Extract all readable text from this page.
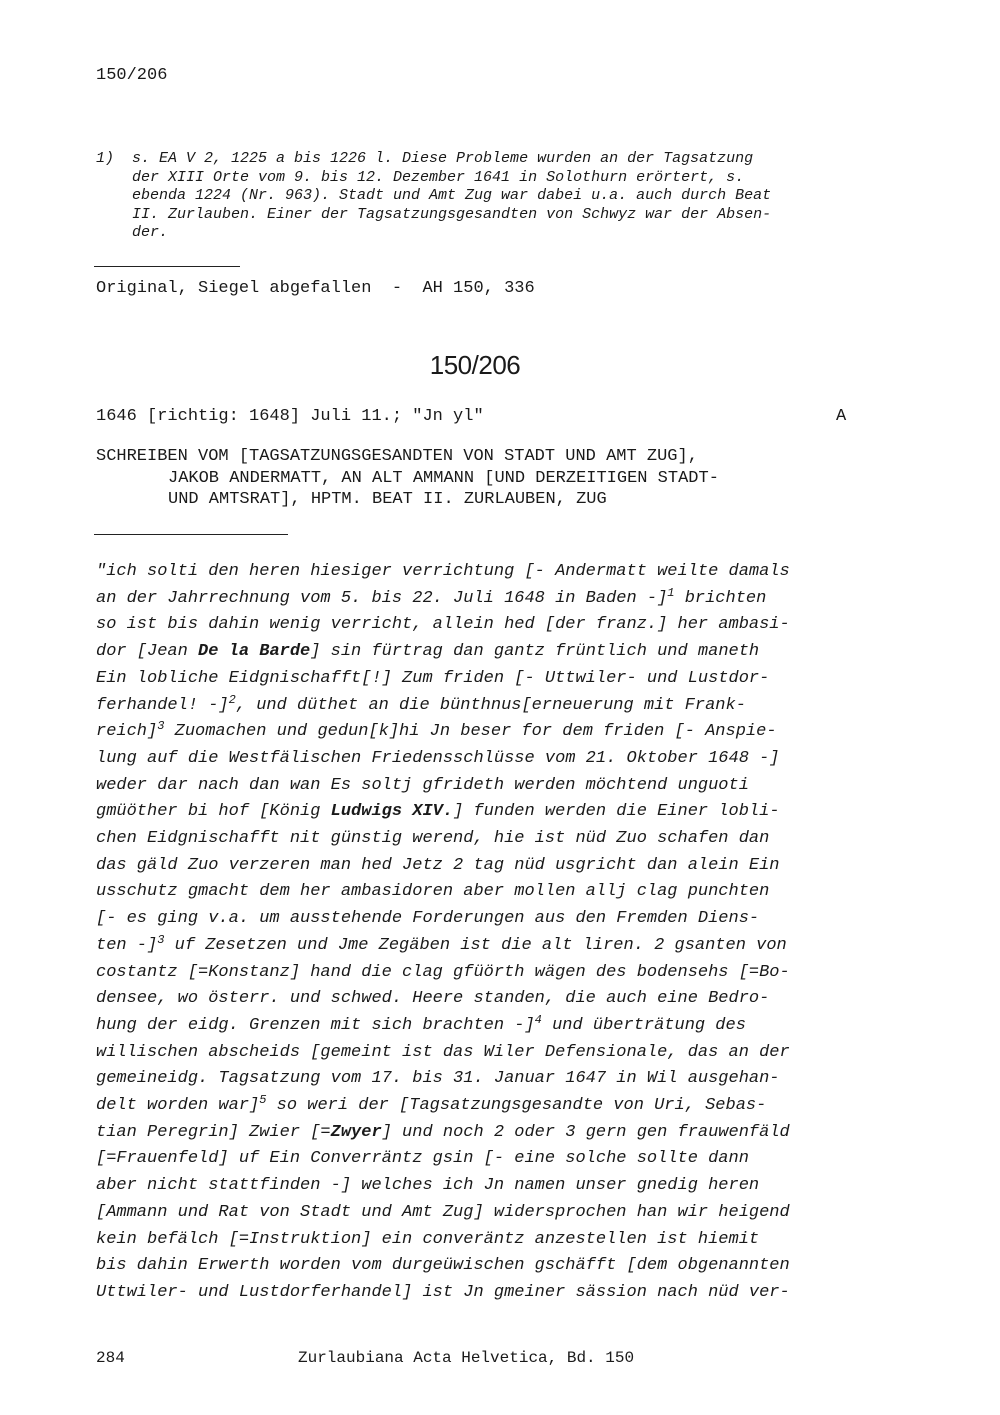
150/206
1) s. EA V 2, 1225 a bis 1226 l. Diese Probleme wurden an der Tagsatzung
der XIII Orte vom 9. bis 12. Dezember 1641 in Solothurn erörtert, s.
ebenda 1224 (Nr. 963). Stadt und Amt Zug war dabei u.a. auch durch Beat
II. Zurlauben. Einer der Tagsatzungsgesandten von Schwyz war der Absen-
der.
Original, Siegel abgefallen  -  AH 150, 336
150/206
1646 [richtig: 1648] Juli 11.; "Jn yl"	A
SCHREIBEN VOM [TAGSATZUNGSGESANDTEN VON STADT UND AMT ZUG],
JAKOB ANDERMATT, AN ALT AMMANN [UND DERZEITIGEN STADT-
UND AMTSRAT], HPTM. BEAT II. ZURLAUBEN, ZUG
"ich solti den heren hiesiger verrichtung [- Andermatt weilte damals
an der Jahrrechnung vom 5. bis 22. Juli 1648 in Baden -]$^1$ brichten
so ist bis dahin wenig verricht, allein hed [der franz.] her ambasi-
dor [Jean De la Barde] sin fürtrag dan gantz früntlich und maneth
Ein lobliche Eidgnischafft[!] Zum friden [- Uttwiler- und Lustdor-
ferhandel! -]$^2$, und düthet an die bünthnus[erneuerung mit Frank-
reich]$^3$ Zuomachen und gedun[k]hi Jn beser for dem friden [- Anspie-
lung auf die Westfälischen Friedensschlüsse vom 21. Oktober 1648 -]
weder dar nach dan wan Es soltj gfrideth werden möchtend unguoti
gmüöther bi hof [König Ludwigs XIV.] funden werden die Einer lobli-
chen Eidgnischafft nit günstig werend, hie ist nüd Zuo schafen dan
das gäld Zuo verzeren man hed Jetz 2 tag nüd usgricht dan alein Ein
usschutz gmacht dem her ambasidoren aber mollen allj clag punchten
[- es ging v.a. um ausstehende Forderungen aus den Fremden Diens-
ten -]$^3$ uf Zesetzen und Jme Zegäben ist die alt liren. 2 gsanten von
costantz [=Konstanz] hand die clag gfüörth wägen des bodensehs [=Bo-
densee, wo österr. und schwed. Heere standen, die auch eine Bedro-
hung der eidg. Grenzen mit sich brachten -]$^4$ und überträtung des
willischen abscheids [gemeint ist das Wiler Defensionale, das an der
gemeineidg. Tagsatzung vom 17. bis 31. Januar 1647 in Wil ausgehan-
delt worden war]$^5$ so weri der [Tagsatzungsgesandte von Uri, Sebas-
tian Peregrin] Zwier [=Zwyer] und noch 2 oder 3 gern gen frauwenfäld
[=Frauenfeld] uf Ein Converräntz gsin [- eine solche sollte dann
aber nicht stattfinden -] welches ich Jn namen unser gnedig heren
[Ammann und Rat von Stadt und Amt Zug] widersprochen han wir heigend
kein befälch [=Instruktion] ein converäntz anzestellen ist hiemit
bis dahin Erwerth worden vom durgeüwischen gschäfft [dem obgenannten
Uttwiler- und Lustdorferhandel] ist Jn gmeiner sässion nach nüd ver-
284	Zurlaubiana Acta Helvetica, Bd. 150
